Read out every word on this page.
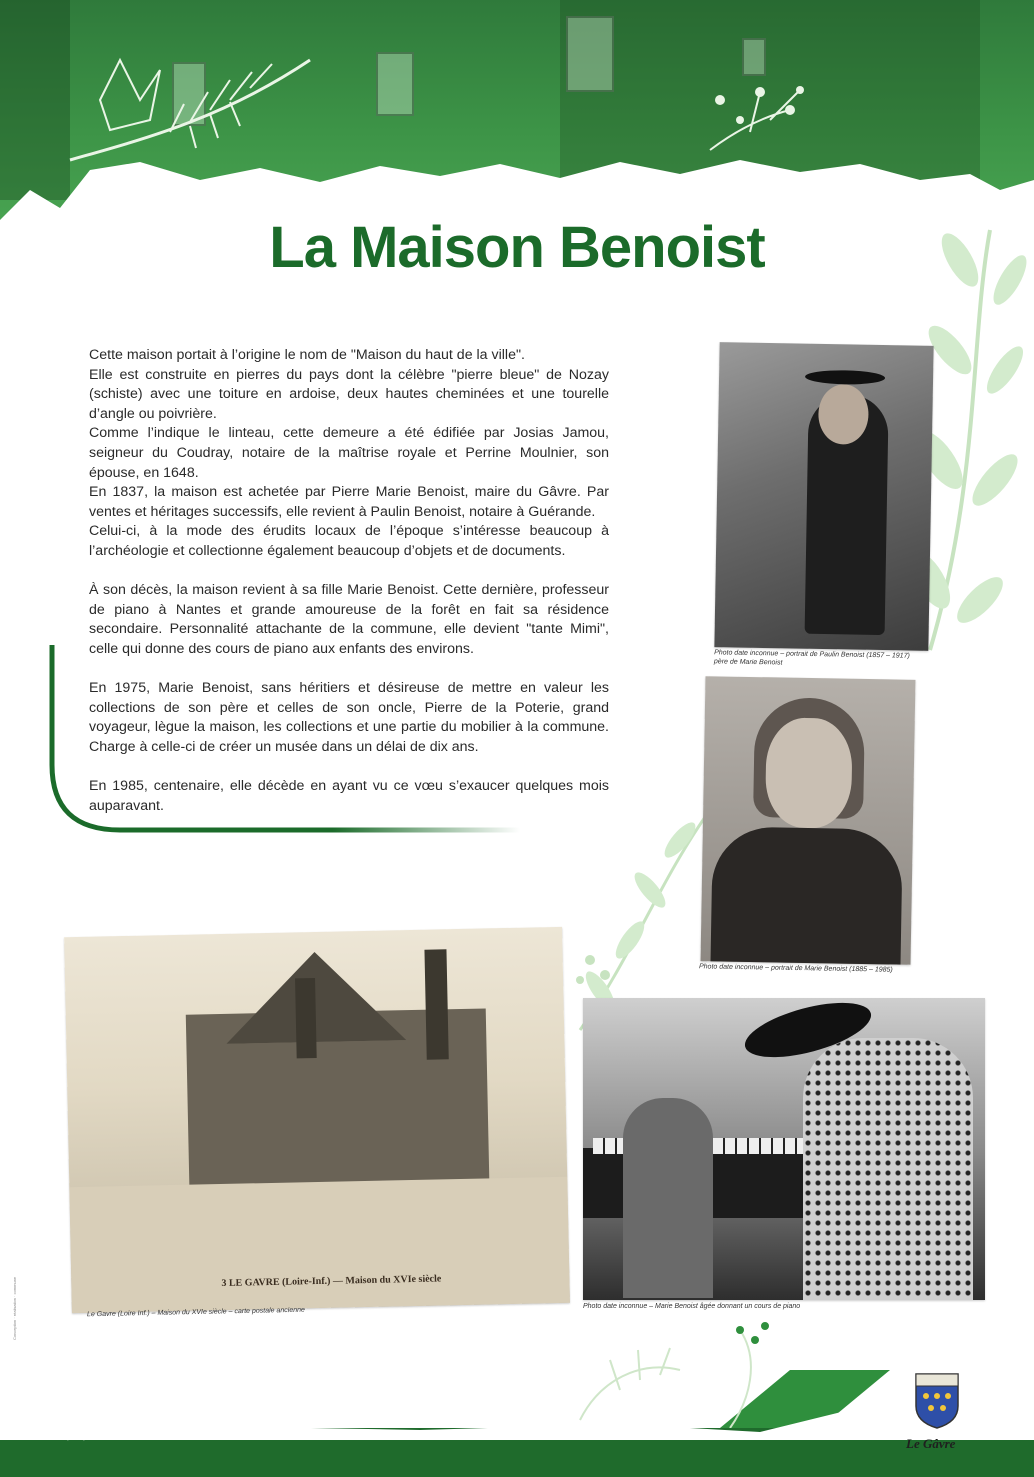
La Maison Benoist

Cette maison portait à l’origine le nom de "Maison du haut de la ville".
Elle est construite en pierres du pays dont la célèbre "pierre bleue" de Nozay (schiste) avec une toiture en ardoise, deux hautes cheminées et une tourelle d’angle ou poivrière.
Comme l’indique le linteau, cette demeure a été édifiée par Josias Jamou, seigneur du Coudray, notaire de la maîtrise royale et Perrine Moulnier, son épouse, en 1648.
En 1837, la maison est achetée par Pierre Marie Benoist, maire du Gâvre. Par ventes et héritages successifs, elle revient à Paulin Benoist, notaire à Guérande.
Celui-ci, à la mode des érudits locaux de l’époque s’intéresse beaucoup à l’archéologie et collectionne également beaucoup d’objets et de documents.

À son décès, la maison revient à sa fille Marie Benoist. Cette dernière, professeur de piano à Nantes et grande amoureuse de la forêt en fait sa résidence secondaire. Personnalité attachante de la commune, elle devient "tante Mimi", celle qui donne des cours de piano aux enfants des environs.

En 1975, Marie Benoist, sans héritiers et désireuse de mettre en valeur les collections de son père et celles de son oncle, Pierre de la Poterie, grand voyageur, lègue la maison, les collections et une partie du mobilier à la commune. Charge à celle-ci de créer un musée dans un délai de dix ans.

En 1985, centenaire, elle décède en ayant vu ce vœu s’exaucer quelques mois auparavant.

Photo date inconnue – portrait de Paulin Benoist (1857 – 1917)
père de Marie Benoist
Photo date inconnue – portrait de Marie Benoist (1885 – 1985)
3 LE GAVRE (Loire-Inf.) — Maison du XVIe siècle
Le Gavre (Loire Inf.) – Maison du XVIe siècle – carte postale ancienne
Photo date inconnue – Marie Benoist âgée donnant un cours de piano
Avec l’aimable participation de tous les bénévoles.
Conception · réalisation · commune
Le Gâvre
